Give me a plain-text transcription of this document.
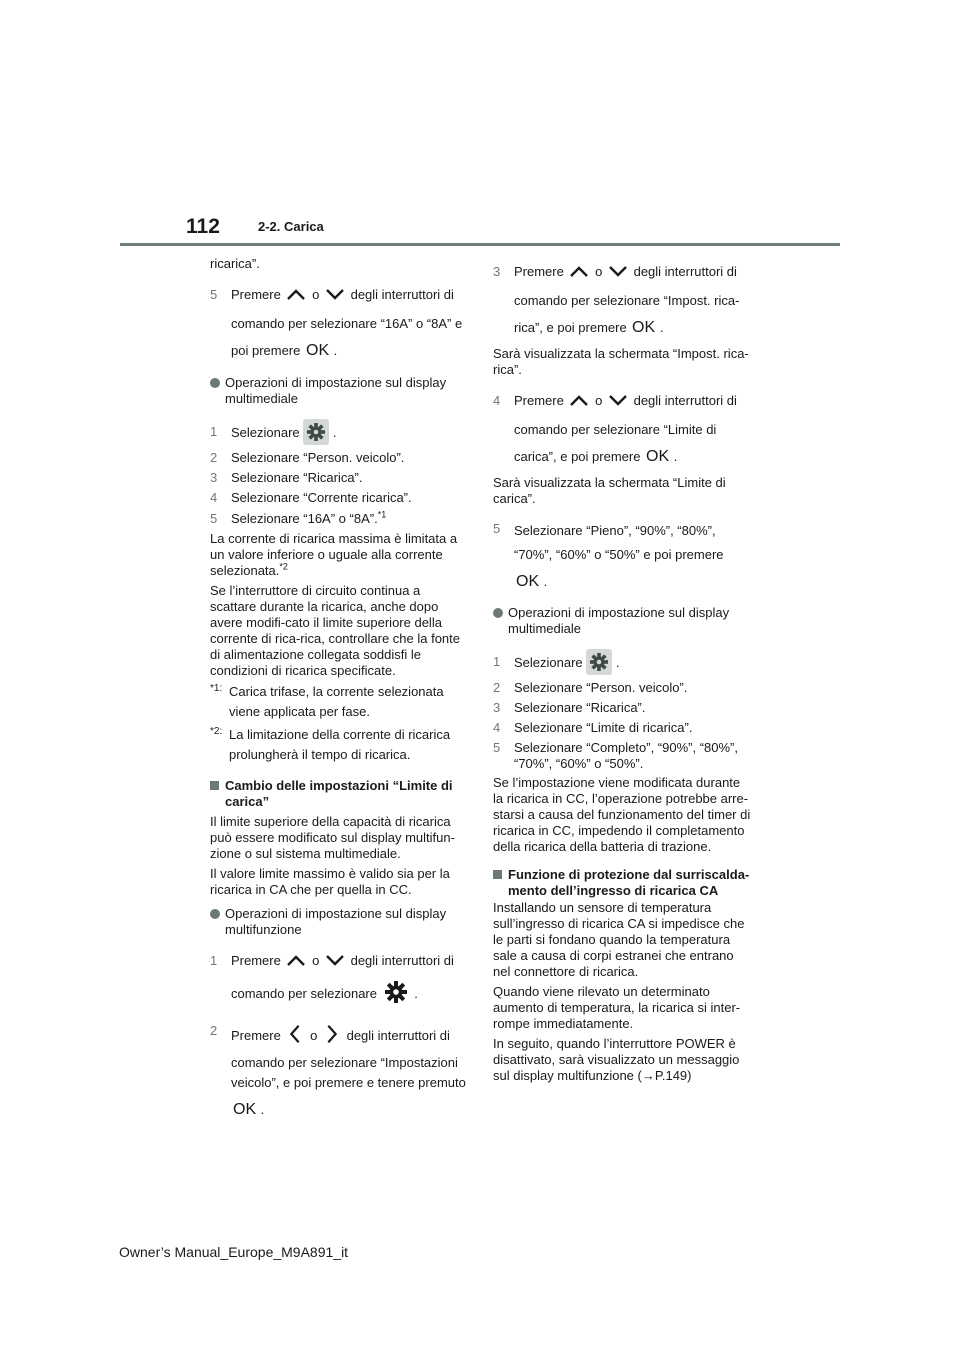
112	2-2. Carica

ricarica”.

5 Premere o degli interruttori di
comando per selezionare “16A” o “8A” e
poi premere OK .
Operazioni di impostazione sul display multimediale
1 Selezionare	.
2 Selezionare “Person. veicolo”.
3 Selezionare “Ricarica”.
4 Selezionare “Corrente ricarica”.
5 Selezionare “16A” o “8A”.$^{*1}$

La corrente di ricarica massima è limitata a un valore inferiore o uguale alla corrente selezionata.$^{*2}$

Se l’interruttore di circuito continua a scattare durante la ricarica, anche dopo avere modifi-cato il limite superiore della corrente di rica-rica, controllare che la fonte di alimentazione collegata soddisfi le condizioni di ricarica specificate.

*1: Carica trifase, la corrente selezionata viene applicata per fase.
*2: La limitazione della corrente di ricarica prolungherà il tempo di ricarica.
Cambio delle impostazioni “Limite di carica”

Il limite superiore della capacità di ricarica può essere modificato sul display multifun-zione o sul sistema multimediale.

Il valore limite massimo è valido sia per la ricarica in CA che per quella in CC.

Operazioni di impostazione sul display multifunzione
1 Premere o degli interruttori di
comando per selezionare	.
2 Premere o degli interruttori di
comando per selezionare “Impostazioni veicolo”, e poi premere e tenere premuto
OK .
3 Premere o degli interruttori di
comando per selezionare “Impost. rica-
rica”, e poi premere OK .

Sarà visualizzata la schermata “Impost. rica-rica”.

4 Premere o degli interruttori di
comando per selezionare “Limite di
carica”, e poi premere OK .

Sarà visualizzata la schermata “Limite di carica”.

5 Selezionare “Pieno”, “90%”, “80%”,
“70%”, “60%” o “50%” e poi premere
OK .
Operazioni di impostazione sul display multimediale
1 Selezionare	.
2 Selezionare “Person. veicolo”.
3 Selezionare “Ricarica”.
4 Selezionare “Limite di ricarica”.
5 Selezionare “Completo”, “90%”, “80%”, “70%”, “60%” o “50%”.

Se l’impostazione viene modificata durante la ricarica in CC, l’operazione potrebbe arre-starsi a causa del funzionamento del timer di ricarica in CC, impedendo il completamento della ricarica della batteria di trazione.

Funzione di protezione dal surriscalda-mento dell’ingresso di ricarica CA

Installando un sensore di temperatura sull’ingresso di ricarica CA si impedisce che le parti si fondano quando la temperatura sale a causa di corpi estranei che entrano nel connettore di ricarica.

Quando viene rilevato un determinato aumento di temperatura, la ricarica si inter-rompe immediatamente.

In seguito, quando l’interruttore POWER è disattivato, sarà visualizzato un messaggio sul display multifunzione (→P.149)

Owner’s Manual_Europe_M9A891_it
